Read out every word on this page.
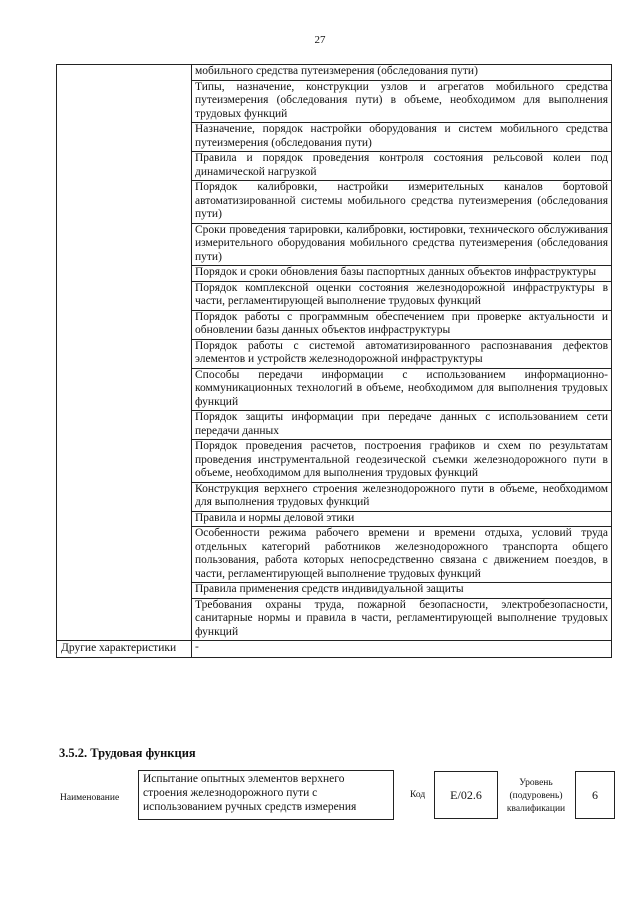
27
	мобильного средства путеизмерения (обследования пути)
	Типы, назначение, конструкции узлов и агрегатов мобильного средства путеизмерения (обследования пути) в объеме, необходимом для выполнения трудовых функций
	Назначение, порядок настройки оборудования и систем мобильного средства путеизмерения (обследования пути)
	Правила и порядок проведения контроля состояния рельсовой колеи под динамической нагрузкой
	Порядок калибровки, настройки измерительных каналов бортовой автоматизированной системы мобильного средства путеизмерения (обследования пути)
	Сроки проведения тарировки, калибровки, юстировки, технического обслуживания измерительного оборудования мобильного средства путеизмерения (обследования пути)
	Порядок и сроки обновления базы паспортных данных объектов инфраструктуры
	Порядок комплексной оценки состояния железнодорожной инфраструктуры в части, регламентирующей выполнение трудовых функций
	Порядок работы с программным обеспечением при проверке актуальности и обновлении базы данных объектов инфраструктуры
	Порядок работы с системой автоматизированного распознавания дефектов элементов и устройств железнодорожной инфраструктуры
	Способы передачи информации с использованием информационно-коммуникационных технологий в объеме, необходимом для выполнения трудовых функций
	Порядок защиты информации при передаче данных с использованием сети передачи данных
	Порядок проведения расчетов, построения графиков и схем по результатам проведения инструментальной геодезической съемки железнодорожного пути в объеме, необходимом для выполнения трудовых функций
	Конструкция верхнего строения железнодорожного пути в объеме, необходимом для выполнения трудовых функций
	Правила и нормы деловой этики
	Особенности режима рабочего времени и времени отдыха, условий труда отдельных категорий работников железнодорожного транспорта общего пользования, работа которых непосредственно связана с движением поездов, в части, регламентирующей выполнение трудовых функций
	Правила применения средств индивидуальной защиты
	Требования охраны труда, пожарной безопасности, электробезопасности, санитарные нормы и правила в части, регламентирующей выполнение трудовых функций
Другие характеристики	-
3.5.2. Трудовая функция
Наименование
Испытание опытных элементов верхнего строения железнодорожного пути с использованием ручных средств измерения
Код	E/02.6
Уровень (подуровень) квалификации
6
